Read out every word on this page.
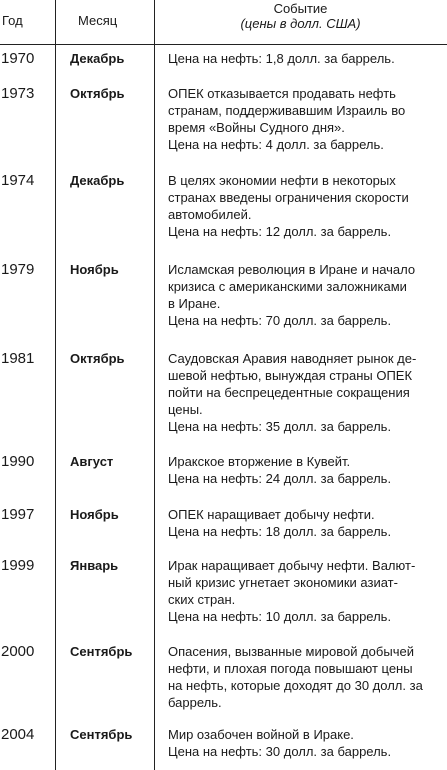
Год	Месяц
Событие
(цены в долл. США)
1970	Декабрь	Цена на нефть: 1,8 долл. за баррель.
1973	Октябрь	ОПЕК отказывается продавать нефть
странам, поддерживавшим Израиль во
время «Войны Судного дня».
Цена на нефть: 4 долл. за баррель.
1974	Декабрь	В целях экономии нефти в некоторых
странах введены ограничения скорости
автомобилей.
Цена на нефть: 12 долл. за баррель.
1979	Ноябрь	Исламская революция в Иране и начало
кризиса с американскими заложниками
в Иране.
Цена на нефть: 70 долл. за баррель.
1981	Октябрь	Саудовская Аравия наводняет рынок де-
шевой нефтью, вынуждая страны ОПЕК
пойти на беспрецедентные сокращения
цены.
Цена на нефть: 35 долл. за баррель.
1990	Август	Иракское вторжение в Кувейт.
Цена на нефть: 24 долл. за баррель.
1997	Ноябрь	ОПЕК наращивает добычу нефти.
Цена на нефть: 18 долл. за баррель.
1999	Январь	Ирак наращивает добычу нефти. Валют-
ный кризис угнетает экономики азиат-
ских стран.
Цена на нефть: 10 долл. за баррель.
2000	Сентябрь	Опасения, вызванные мировой добычей
нефти, и плохая погода повышают цены
на нефть, которые доходят до 30 долл. за
баррель.
2004	Сентябрь	Мир озабочен войной в Ираке.
Цена на нефть: 30 долл. за баррель.
